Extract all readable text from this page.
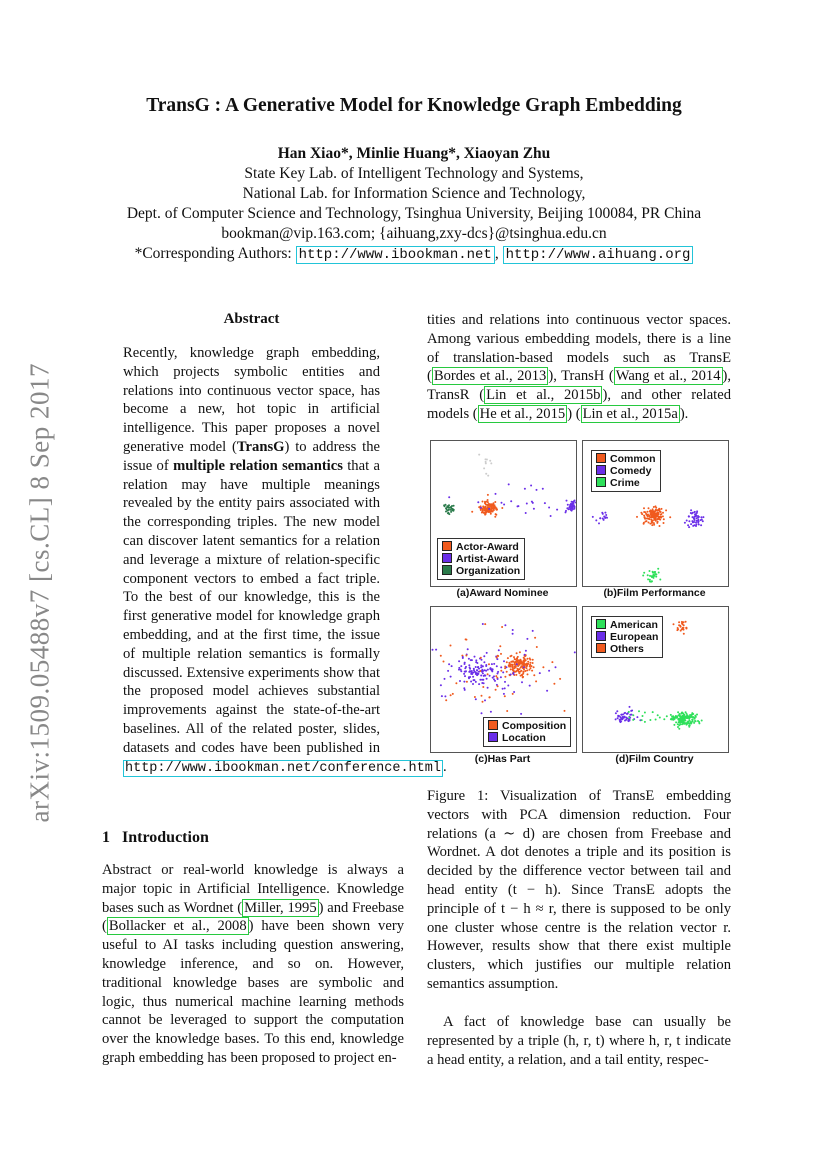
TransG : A Generative Model for Knowledge Graph Embedding
Han Xiao*, Minlie Huang*, Xiaoyan Zhu
State Key Lab. of Intelligent Technology and Systems,
National Lab. for Information Science and Technology,
Dept. of Computer Science and Technology, Tsinghua University, Beijing 100084, PR China
bookman@vip.163.com; {aihuang,zxy-dcs}@tsinghua.edu.cn
*Corresponding Authors: http://www.ibookman.net , http://www.aihuang.org
arXiv:1509.05488v7 [cs.CL] 8 Sep 2017
Abstract
Recently, knowledge graph embedding, which projects symbolic entities and relations into continuous vector space, has become a new, hot topic in artificial intelligence. This paper proposes a novel generative model (TransG) to address the issue of multiple relation semantics that a relation may have multiple meanings revealed by the entity pairs associated with the corresponding triples. The new model can discover latent semantics for a relation and leverage a mixture of relation-specific component vectors to embed a fact triple. To the best of our knowledge, this is the first generative model for knowledge graph embedding, and at the first time, the issue of multiple relation semantics is formally discussed. Extensive experiments show that the proposed model achieves substantial improvements against the state-of-the-art baselines. All of the related poster, slides, datasets and codes have been published in http://www.ibookman.net/conference.html .
1 Introduction
Abstract or real-world knowledge is always a major topic in Artificial Intelligence. Knowledge bases such as Wordnet ( Miller, 1995 ) and Freebase ( Bollacker et al., 2008 ) have been shown very useful to AI tasks including question answering, knowledge inference, and so on. However, traditional knowledge bases are symbolic and logic, thus numerical machine learning methods cannot be leveraged to support the computation over the knowledge bases. To this end, knowledge graph embedding has been proposed to project en-
tities and relations into continuous vector spaces. Among various embedding models, there is a line of translation-based models such as TransE ( Bordes et al., 2013 ), TransH ( Wang et al., 2014 ), TransR ( Lin et al., 2015b ), and other related models ( He et al., 2015 ) ( Lin et al., 2015a ).
Actor-Award
Artist-Award
Organization
(a)Award Nominee
Common
Comedy
Crime
(b)Film Performance
Composition
Location
(c)Has Part
American
European
Others
(d)Film Country
Figure 1: Visualization of TransE embedding vectors with PCA dimension reduction. Four relations (a ∼ d) are chosen from Freebase and Wordnet. A dot denotes a triple and its position is decided by the difference vector between tail and head entity (t − h). Since TransE adopts the principle of t − h ≈ r, there is supposed to be only one cluster whose centre is the relation vector r. However, results show that there exist multiple clusters, which justifies our multiple relation semantics assumption.
A fact of knowledge base can usually be represented by a triple (h, r, t) where h, r, t indicate a head entity, a relation, and a tail entity, respec-
